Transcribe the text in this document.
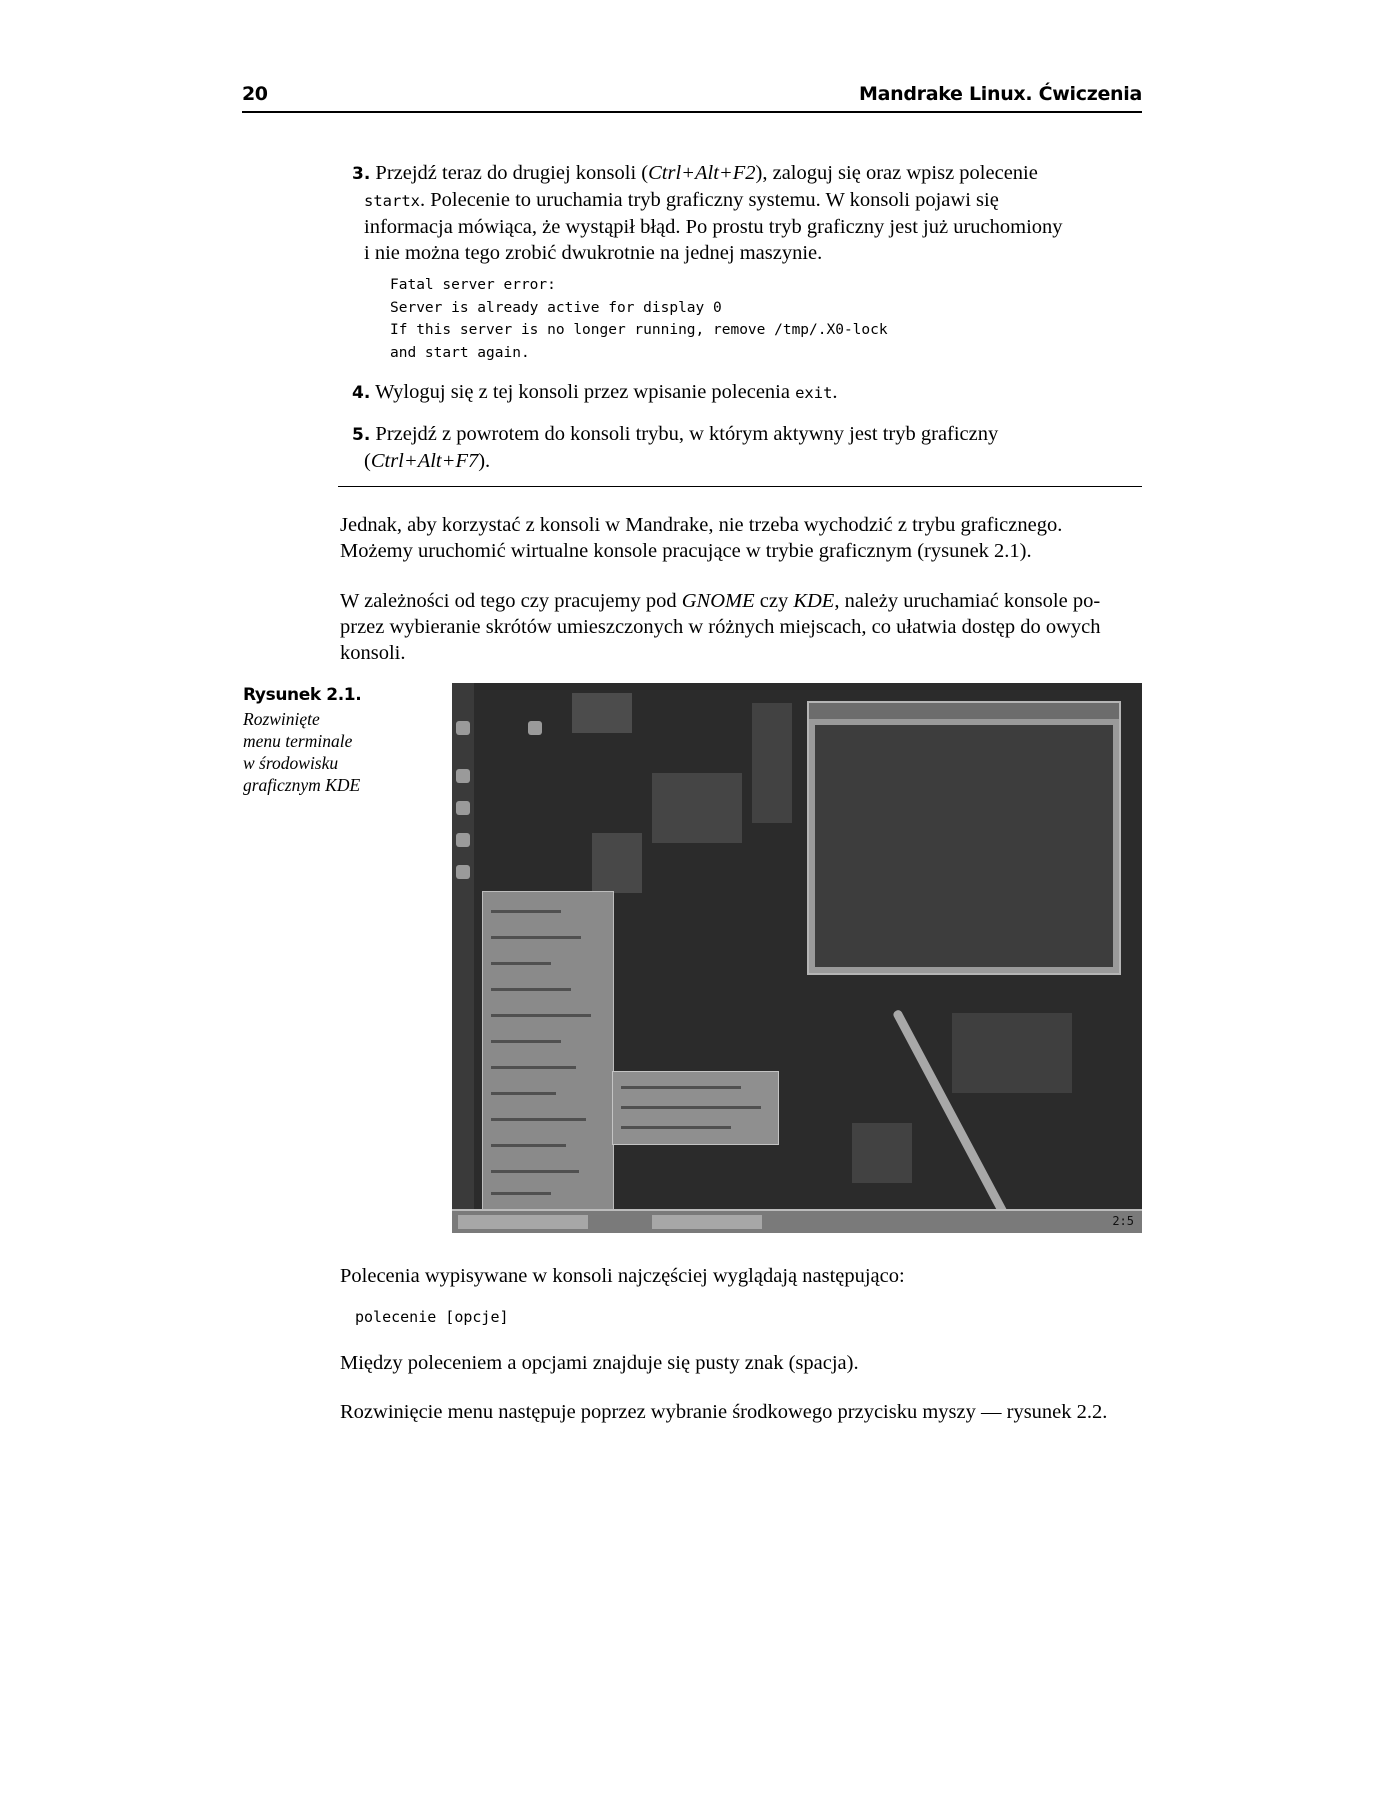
20	Mandrake Linux. Ćwiczenia
3. Przejdź teraz do drugiej konsoli (Ctrl+Alt+F2), zaloguj się oraz wpisz polecenie
startx. Polecenie to uruchamia tryb graficzny systemu. W konsoli pojawi się
informacja mówiąca, że wystąpił błąd. Po prostu tryb graficzny jest już uruchomiony
i nie można tego zrobić dwukrotnie na jednej maszynie.
Fatal server error:
Server is already active for display 0
If this server is no longer running, remove /tmp/.X0-lock
and start again.
4. Wyloguj się z tej konsoli przez wpisanie polecenia exit.
5. Przejdź z powrotem do konsoli trybu, w którym aktywny jest tryb graficzny
(Ctrl+Alt+F7).
Jednak, aby korzystać z konsoli w Mandrake, nie trzeba wychodzić z trybu graficznego.
Możemy uruchomić wirtualne konsole pracujące w trybie graficznym (rysunek 2.1).
W zależności od tego czy pracujemy pod GNOME czy KDE, należy uruchamiać konsole po-
przez wybieranie skrótów umieszczonych w różnych miejscach, co ułatwia dostęp do owych
konsoli.
Rysunek 2.1.
Rozwinięte
menu terminale
w środowisku
graficznym KDE
2:5
Polecenia wypisywane w konsoli najczęściej wyglądają następująco:
polecenie [opcje]
Między poleceniem a opcjami znajduje się pusty znak (spacja).
Rozwinięcie menu następuje poprzez wybranie środkowego przycisku myszy — rysunek 2.2.
